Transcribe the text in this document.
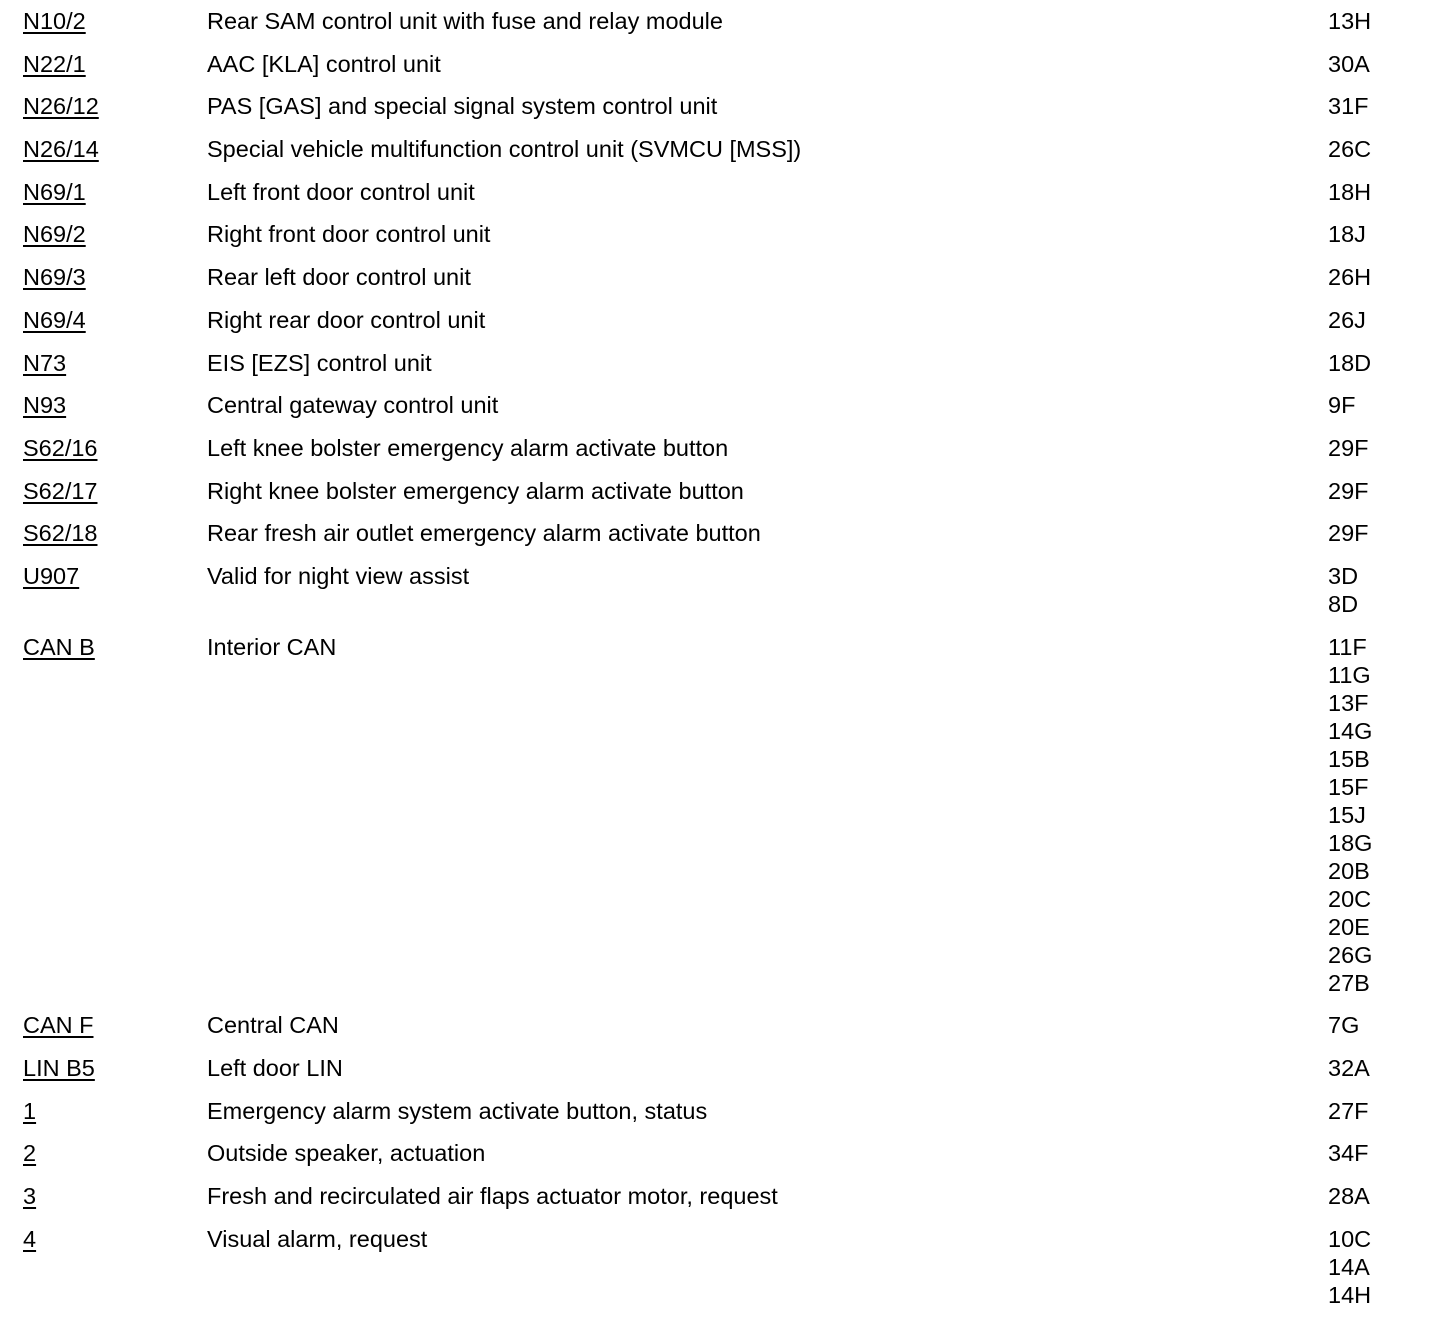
N10/2	Rear SAM control unit with fuse and relay module	13H
N22/1	AAC [KLA] control unit	30A
N26/12	PAS [GAS] and special signal system control unit	31F
N26/14	Special vehicle multifunction control unit (SVMCU [MSS])	26C
N69/1	Left front door control unit	18H
N69/2	Right front door control unit	18J
N69/3	Rear left door control unit	26H
N69/4	Right rear door control unit	26J
N73	EIS [EZS] control unit	18D
N93	Central gateway control unit	9F
S62/16	Left knee bolster emergency alarm activate button	29F
S62/17	Right knee bolster emergency alarm activate button	29F
S62/18	Rear fresh air outlet emergency alarm activate button	29F
U907	Valid for night view assist	3D
8D
CAN B	Interior CAN	11F
11G
13F
14G
15B
15F
15J
18G
20B
20C
20E
26G
27B
CAN F	Central CAN	7G
LIN B5	Left door LIN	32A
1	Emergency alarm system activate button, status	27F
2	Outside speaker, actuation	34F
3	Fresh and recirculated air flaps actuator motor, request	28A
4	Visual alarm, request	10C
14A
14H
